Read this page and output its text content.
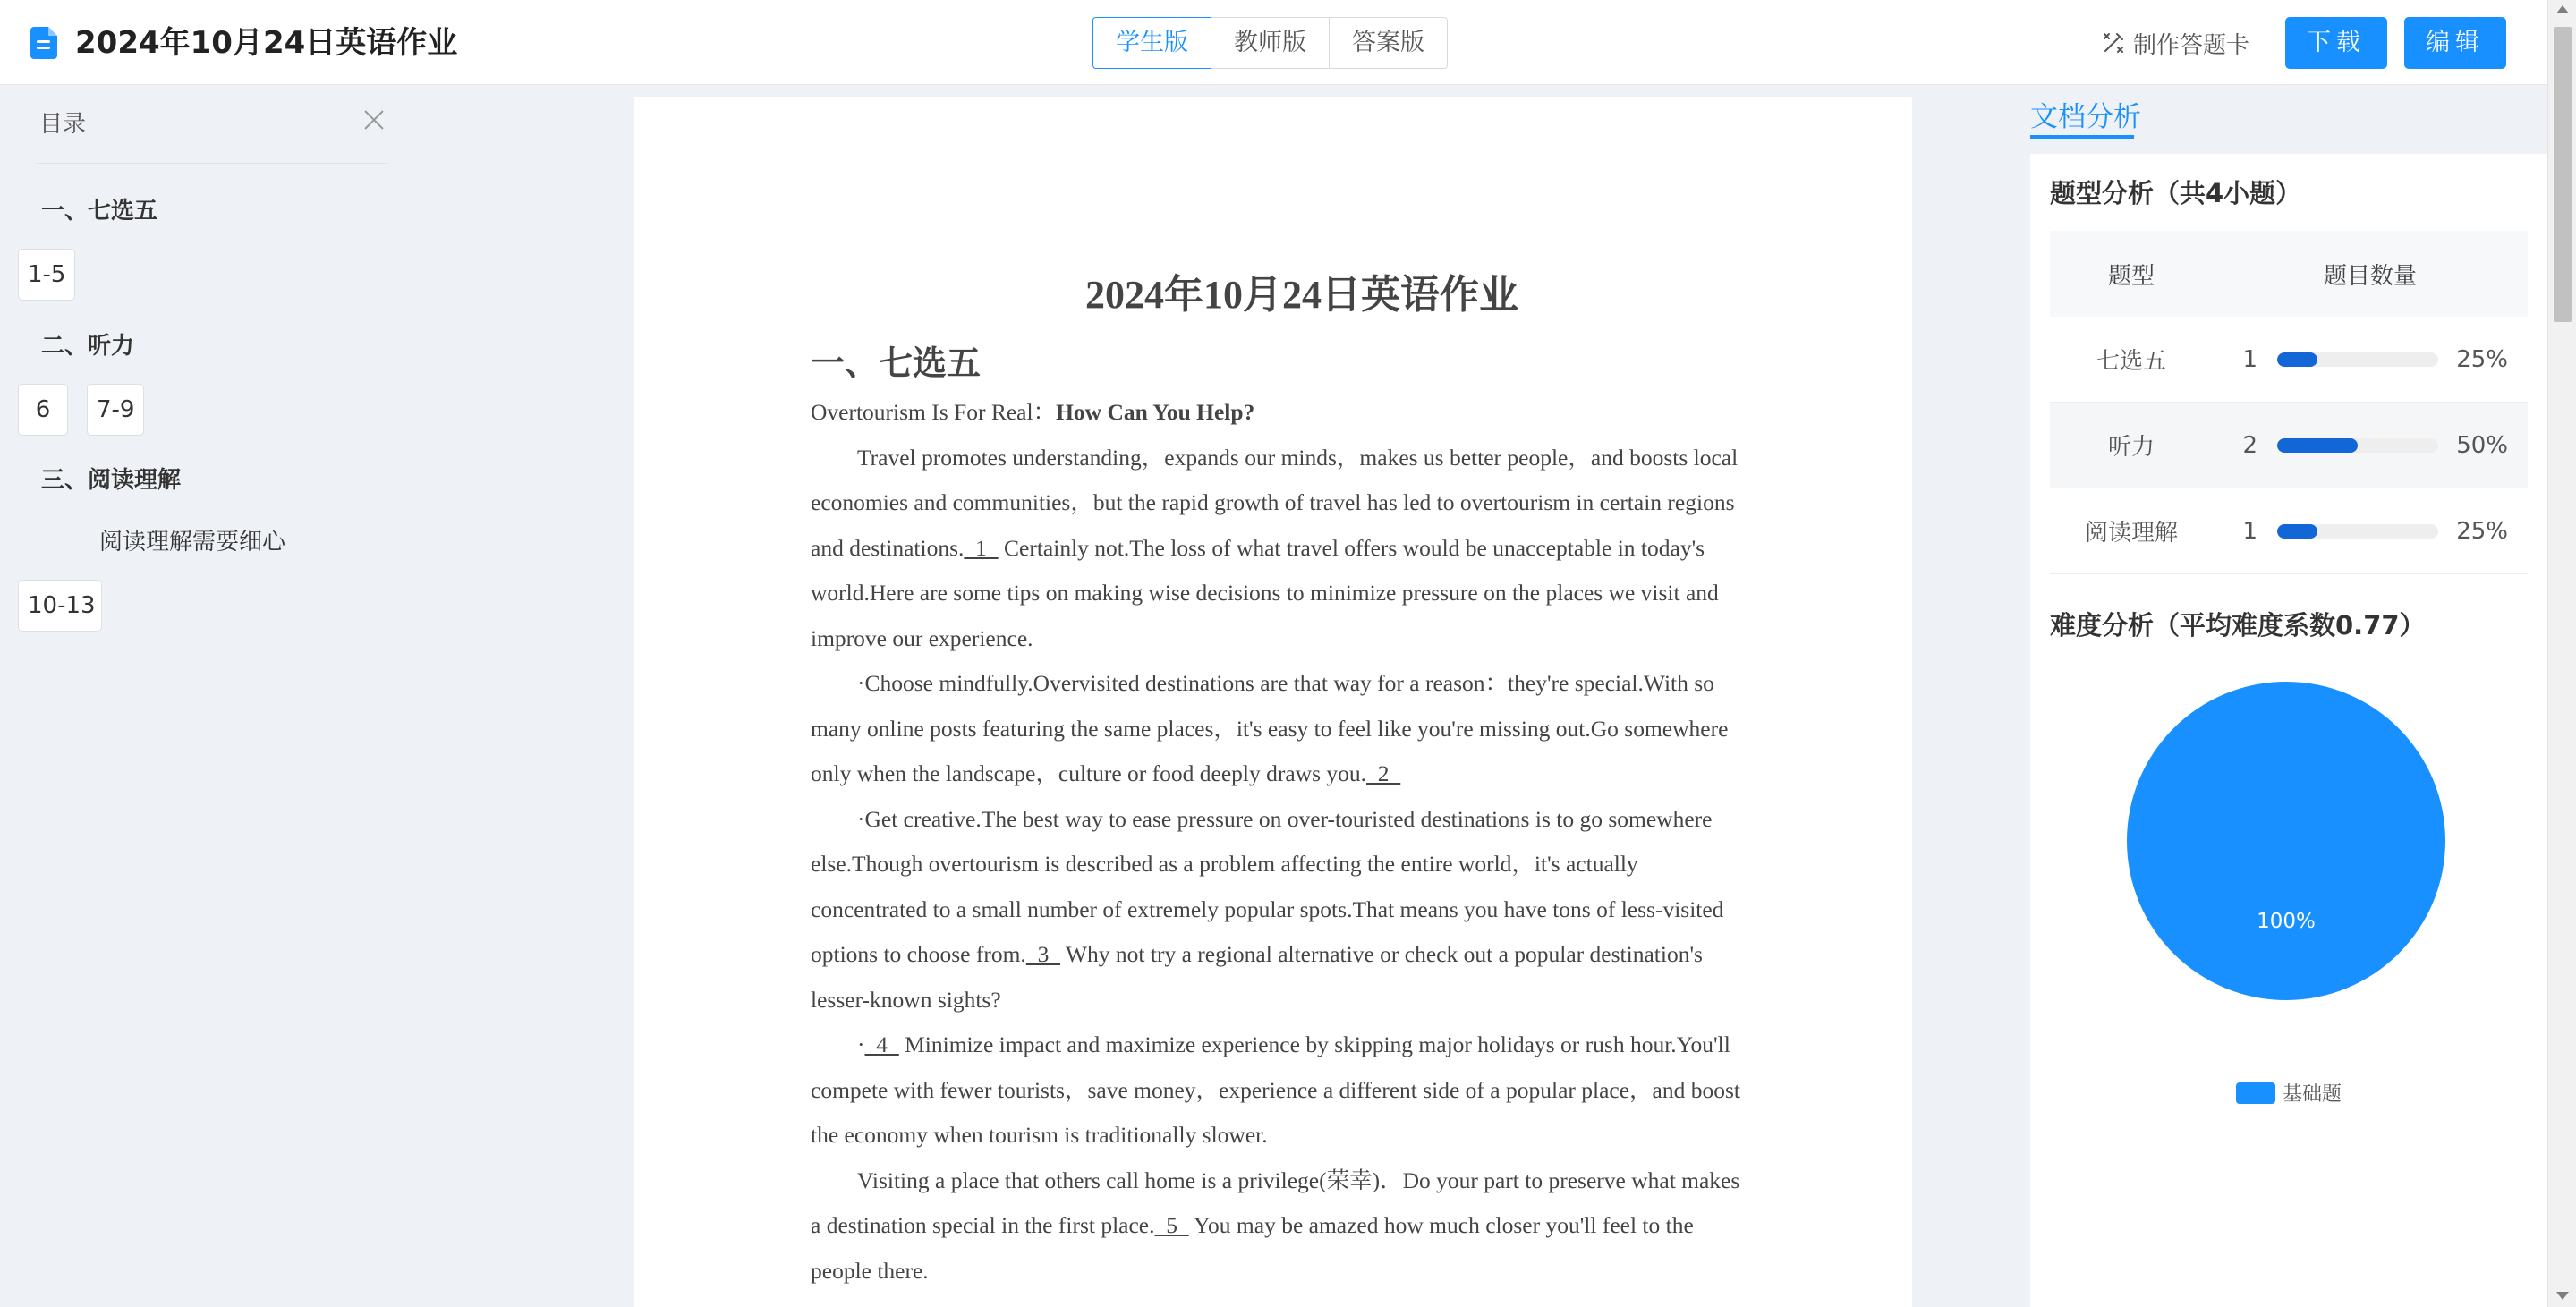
2024年10月24日英语作业	学生版	教师版	答案版	制作答题卡	下载	编辑
目录
一、七选五
1-5
二、听力
6	7-9
三、阅读理解
阅读理解需要细心
10-13
2024年10月24日英语作业
一、七选五

Overtourism Is For Real：How Can You Help?

Travel promotes understanding，expands our minds，makes us better people，and boosts local economies and communities，but the rapid growth of travel has led to overtourism in certain regions and destinations.  1   Certainly not.The loss of what travel offers would be unacceptable in today's world.Here are some tips on making wise decisions to minimize pressure on the places we visit and improve our experience.

·Choose mindfully.Overvisited destinations are that way for a reason：they're special.With so many online posts featuring the same places，it's easy to feel like you're missing out.Go somewhere only when the landscape，culture or food deeply draws you.  2

·Get creative.The best way to ease pressure on over-touristed destinations is to go somewhere else.Though overtourism is described as a problem affecting the entire world，it's actually concentrated to a small number of extremely popular spots.That means you have tons of less-visited options to choose from.  3   Why not try a regional alternative or check out a popular destination's lesser-known sights?

·  4   Minimize impact and maximize experience by skipping major holidays or rush hour.You'll compete with fewer tourists，save money，experience a different side of a popular place，and boost the economy when tourism is traditionally slower.

Visiting a place that others call home is a privilege(荣幸)．Do your part to preserve what makes a destination special in the first place.  5   You may be amazed how much closer you'll feel to the people there.

文档分析
题型分析（共4小题）
题型	题目数量
七选五	1	25%
听力	2	50%
阅读理解	1	25%
难度分析（平均难度系数0.77）
100%
基础题
